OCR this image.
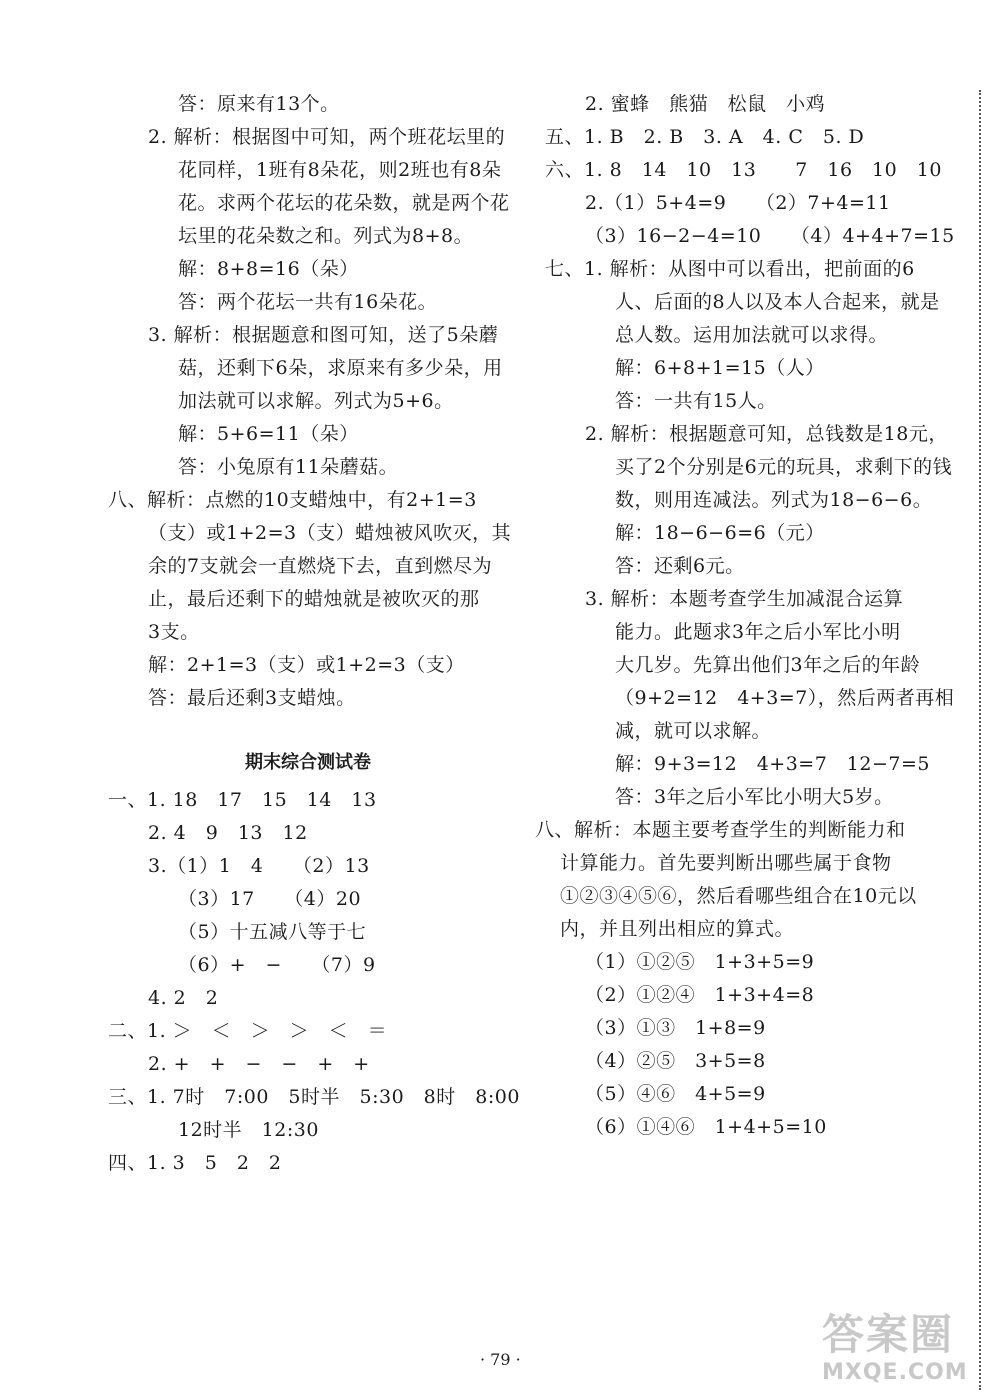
答：原来有13个。
2. 解析：根据图中可知，两个班花坛里的
花同样，1班有8朵花，则2班也有8朵
花。求两个花坛的花朵数，就是两个花
坛里的花朵数之和。列式为8+8。
解：8+8=16（朵）
答：两个花坛一共有16朵花。
3. 解析：根据题意和图可知，送了5朵蘑
菇，还剩下6朵，求原来有多少朵，用
加法就可以求解。列式为5+6。
解：5+6=11（朵）
答：小兔原有11朵蘑菇。
八、解析：点燃的10支蜡烛中，有2+1=3
（支）或1+2=3（支）蜡烛被风吹灭，其
余的7支就会一直燃烧下去，直到燃尽为
止，最后还剩下的蜡烛就是被吹灭的那
3支。
解：2+1=3（支）或1+2=3（支）
答：最后还剩3支蜡烛。
期末综合测试卷
一、1. 18　17　15　14　13
2. 4　9　13　12
3.（1）1　4　　（2）13
（3）17　　（4）20
（5）十五减八等于七
（6）+　−　　（7）9
4. 2　2
二、1. ＞　＜　＞　＞　＜　＝
2. +　+　−　−　+　+
三、1. 7时　7:00　5时半　5:30　8时　8:00
12时半　12:30
四、1. 3　5　2　2
2. 蜜蜂　熊猫　松鼠　小鸡
五、1. B　2. B　3. A　4. C　5. D
六、1. 8　14　10　13　　7　16　10　10
2.（1）5+4=9　　（2）7+4=11
（3）16−2−4=10　　（4）4+4+7=15
七、1. 解析：从图中可以看出，把前面的6
人、后面的8人以及本人合起来，就是
总人数。运用加法就可以求得。
解：6+8+1=15（人）
答：一共有15人。
2. 解析：根据题意可知，总钱数是18元，
买了2个分别是6元的玩具，求剩下的钱
数，则用连减法。列式为18−6−6。
解：18−6−6=6（元）
答：还剩6元。
3. 解析：本题考查学生加减混合运算
能力。此题求3年之后小军比小明
大几岁。先算出他们3年之后的年龄
（9+2=12　4+3=7），然后两者再相
减，就可以求解。
解：9+3=12　4+3=7　12−7=5
答：3年之后小军比小明大5岁。
八、解析：本题主要考查学生的判断能力和
计算能力。首先要判断出哪些属于食物
①②③④⑤⑥，然后看哪些组合在10元以
内，并且列出相应的算式。
（1）①②⑤　1+3+5=9
（2）①②④　1+3+4=8
（3）①③　1+8=9
（4）②⑤　3+5=8
（5）④⑥　4+5=9
（6）①④⑥　1+4+5=10
· 79 ·
答案圈
MXQE.COM
